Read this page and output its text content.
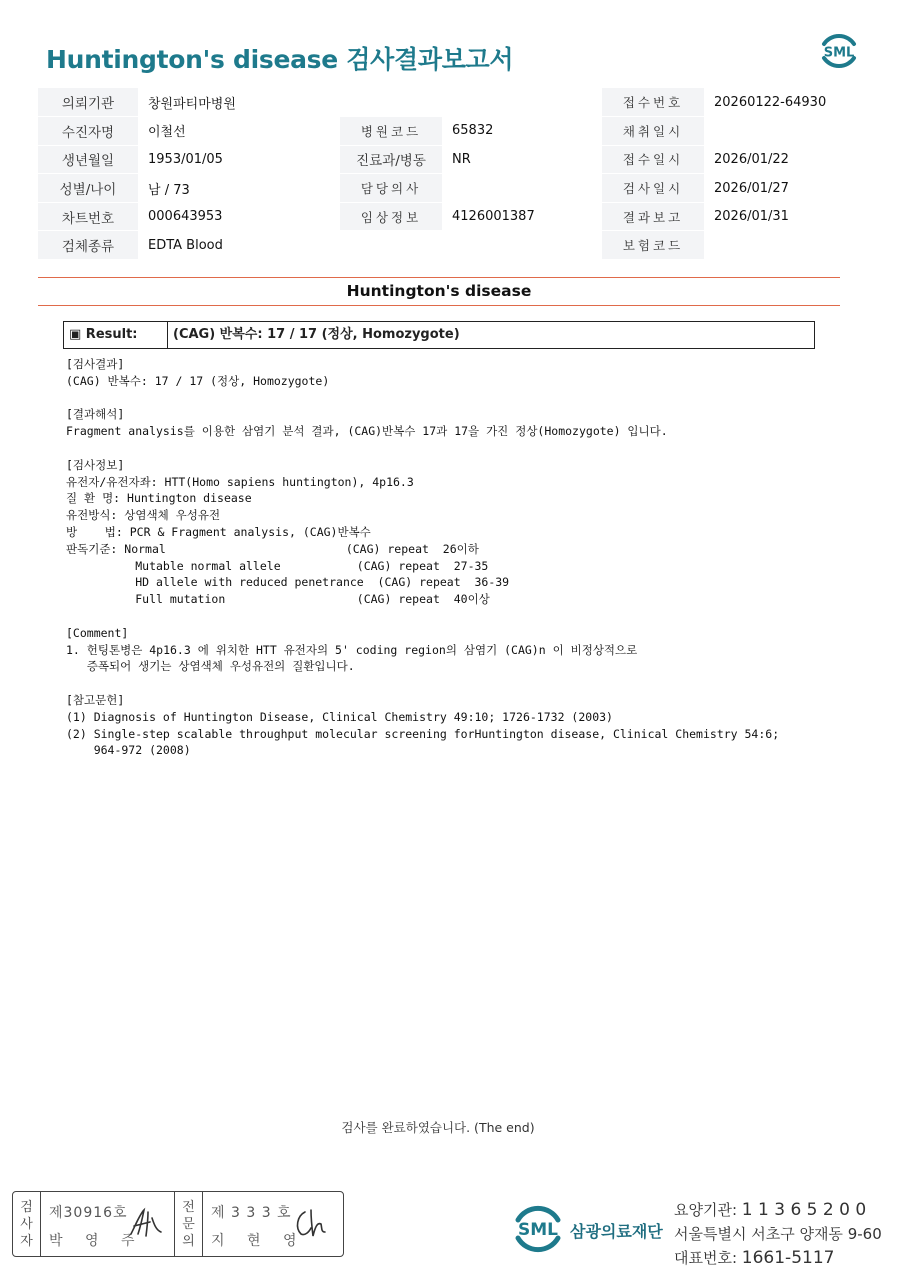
Huntington's disease 검사결과보고서	SML
의뢰기관	창원파티마병원			접수번호	20260122-64930
수진자명	이철선	병원코드	65832	채취일시	
생년월일	1953/01/05	진료과/병동	NR	접수일시	2026/01/22
성별/나이	남 / 73	담당의사		검사일시	2026/01/27
차트번호	000643953	임상정보	4126001387	결과보고	2026/01/31
검체종류	EDTA Blood			보험코드	
Huntington's disease
▣ Result:	(CAG) 반복수: 17 / 17 (정상, Homozygote)
[검사결과]
(CAG) 반복수: 17 / 17 (정상, Homozygote)
[결과해석]
Fragment analysis를 이용한 삼염기 분석 결과, (CAG)반복수 17과 17을 가진 정상(Homozygote) 입니다.
[검사정보]
유전자/유전자좌: HTT(Homo sapiens huntington), 4p16.3
질 환 명: Huntington disease
유전방식: 상염색체 우성유전
방    법: PCR & Fragment analysis, (CAG)반복수
판독기준: Normal                          (CAG) repeat  26이하
Mutable normal allele           (CAG) repeat  27-35
HD allele with reduced penetrance  (CAG) repeat  36-39
Full mutation                   (CAG) repeat  40이상
[Comment]
1. 헌팅톤병은 4p16.3 에 위치한 HTT 유전자의 5' coding region의 삼염기 (CAG)n 이 비정상적으로
증폭되어 생기는 상염색체 우성유전의 질환입니다.
[참고문헌]
(1) Diagnosis of Huntington Disease, Clinical Chemistry 49:10; 1726-1732 (2003)
(2) Single-step scalable throughput molecular screening forHuntington disease, Clinical Chemistry 54:6;
964-972 (2008)
검사를 완료하였습니다. (The end)
검
사
자
제30916호
박 영 주
전
문
의
제 3 3 3 호
지 현 영
SML 삼광의료재단
요양기관: 1 1 3 6 5 2 0 0
서울특별시 서초구 양재동 9-60
대표번호: 1661-5117
